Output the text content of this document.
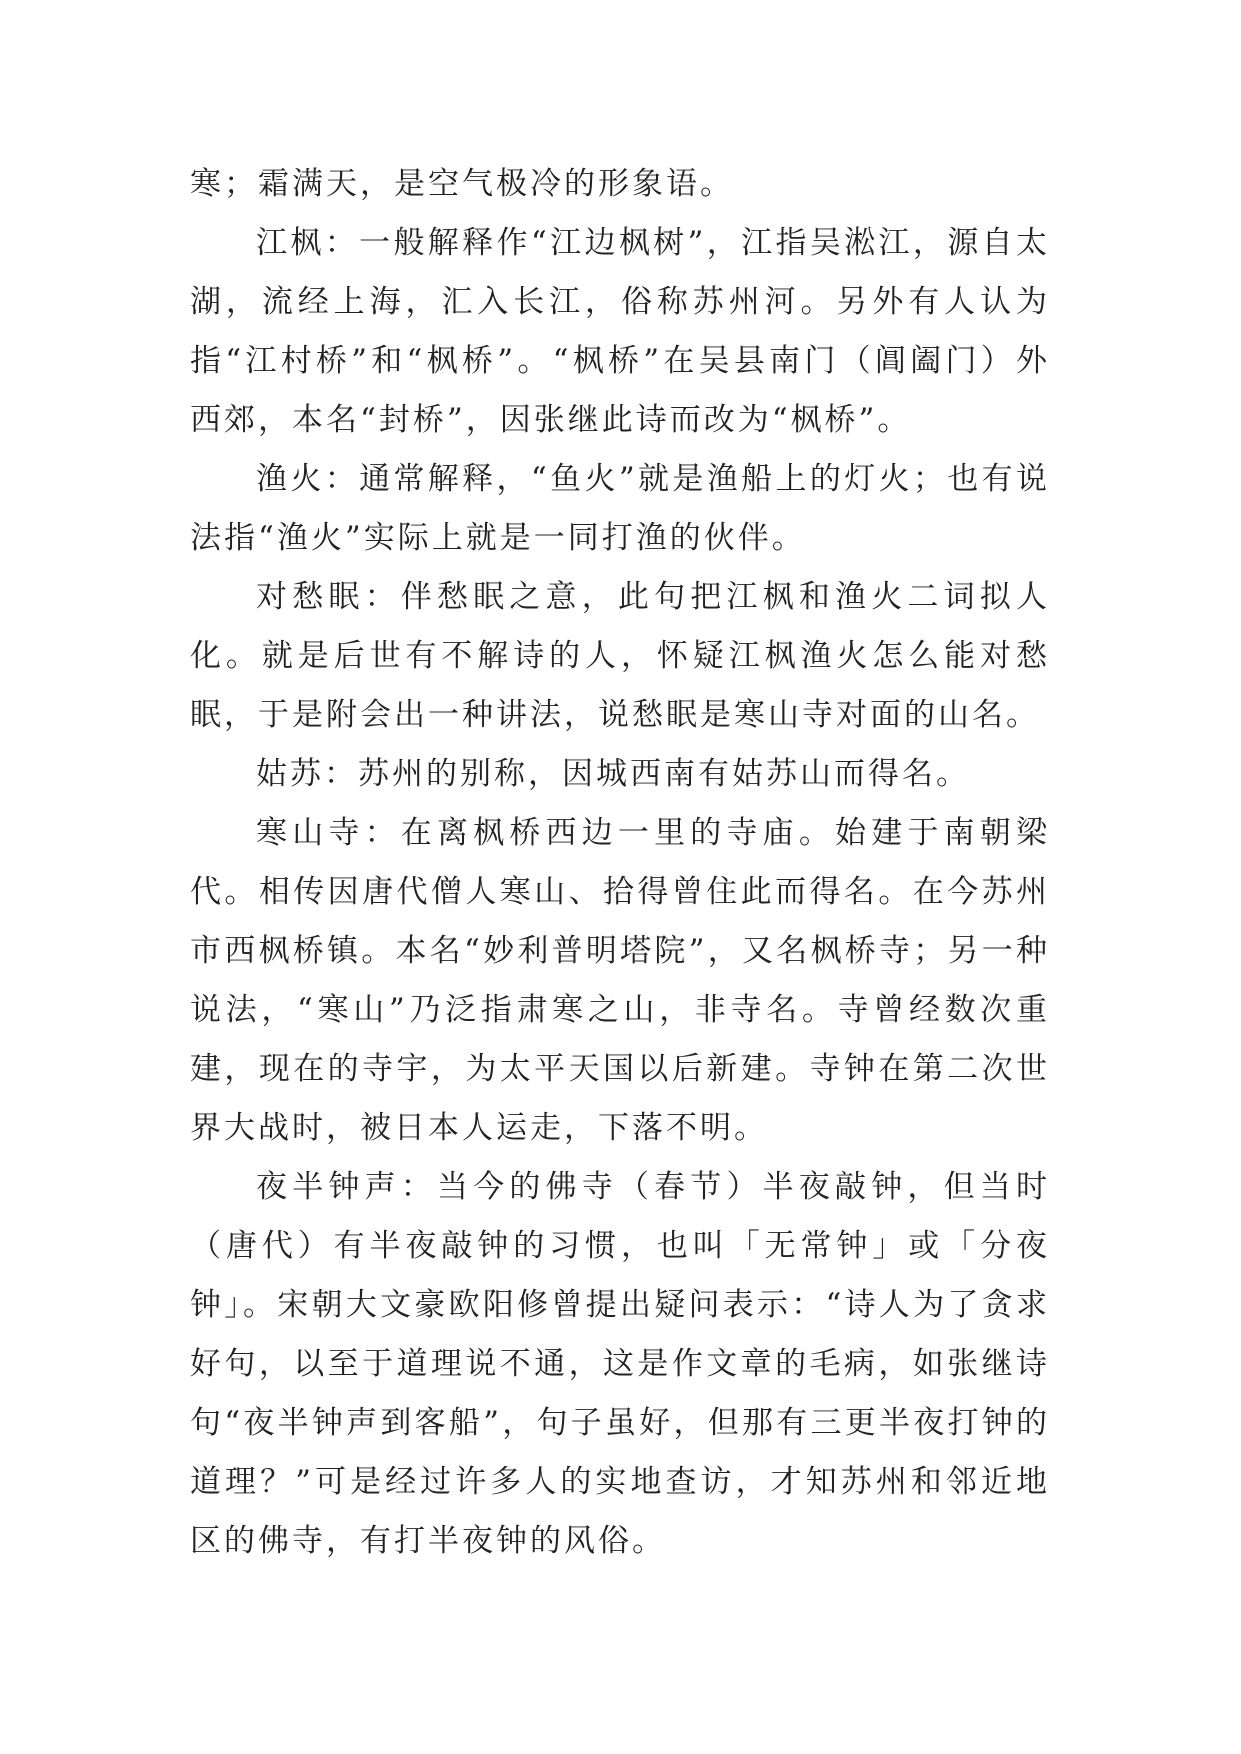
寒；霜满天，是空气极冷的形象语。

江枫：一般解释作“江边枫树”，江指吴淞江，源自太湖，流经上海，汇入长江，俗称苏州河。另外有人认为指“江村桥”和“枫桥”。“枫桥”在吴县南门（阊阖门）外西郊，本名“封桥”，因张继此诗而改为“枫桥”。

渔火：通常解释，“鱼火”就是渔船上的灯火；也有说法指“渔火”实际上就是一同打渔的伙伴。

对愁眠：伴愁眠之意，此句把江枫和渔火二词拟人化。就是后世有不解诗的人，怀疑江枫渔火怎么能对愁眠，于是附会出一种讲法，说愁眠是寒山寺对面的山名。

姑苏：苏州的别称，因城西南有姑苏山而得名。

寒山寺：在离枫桥西边一里的寺庙。始建于南朝梁代。相传因唐代僧人寒山、拾得曾住此而得名。在今苏州市西枫桥镇。本名“妙利普明塔院”，又名枫桥寺；另一种说法，“寒山”乃泛指肃寒之山，非寺名。寺曾经数次重建，现在的寺宇，为太平天国以后新建。寺钟在第二次世界大战时，被日本人运走，下落不明。

夜半钟声：当今的佛寺（春节）半夜敲钟，但当时（唐代）有半夜敲钟的习惯，也叫「无常钟」或「分夜钟」。宋朝大文豪欧阳修曾提出疑问表示：“诗人为了贪求好句，以至于道理说不通，这是作文章的毛病，如张继诗句“夜半钟声到客船”，句子虽好，但那有三更半夜打钟的道理？”可是经过许多人的实地查访，才知苏州和邻近地区的佛寺，有打半夜钟的风俗。
